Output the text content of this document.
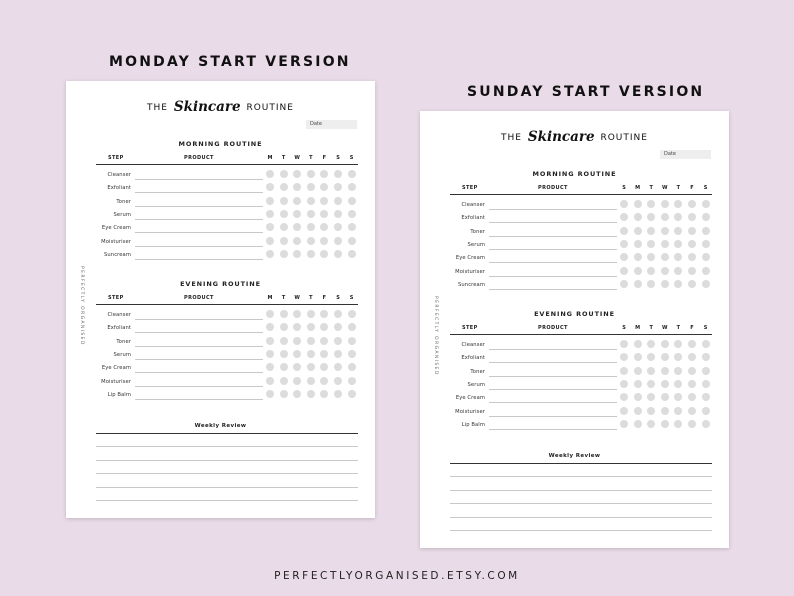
MONDAY START VERSION
SUNDAY START VERSION
THE Skincare ROUTINE
Date
PERFECTLY ORGANISED
MORNING ROUTINE
STEP	PRODUCT	M	T	W	T	F	S	S
Cleanser
Exfoliant
Toner
Serum
Eye Cream
Moisturiser
Suncream
EVENING ROUTINE
STEP	PRODUCT	M	T	W	T	F	S	S
Cleanser
Exfoliant
Toner
Serum
Eye Cream
Moisturiser
Lip Balm
Weekly Review
THE Skincare ROUTINE
Date
PERFECTLY ORGANISED
MORNING ROUTINE
STEP	PRODUCT	S	M	T	W	T	F	S
Cleanser
Exfoliant
Toner
Serum
Eye Cream
Moisturiser
Suncream
EVENING ROUTINE
STEP	PRODUCT	S	M	T	W	T	F	S
Cleanser
Exfoliant
Toner
Serum
Eye Cream
Moisturiser
Lip Balm
Weekly Review
PERFECTLYORGANISED.ETSY.COM
